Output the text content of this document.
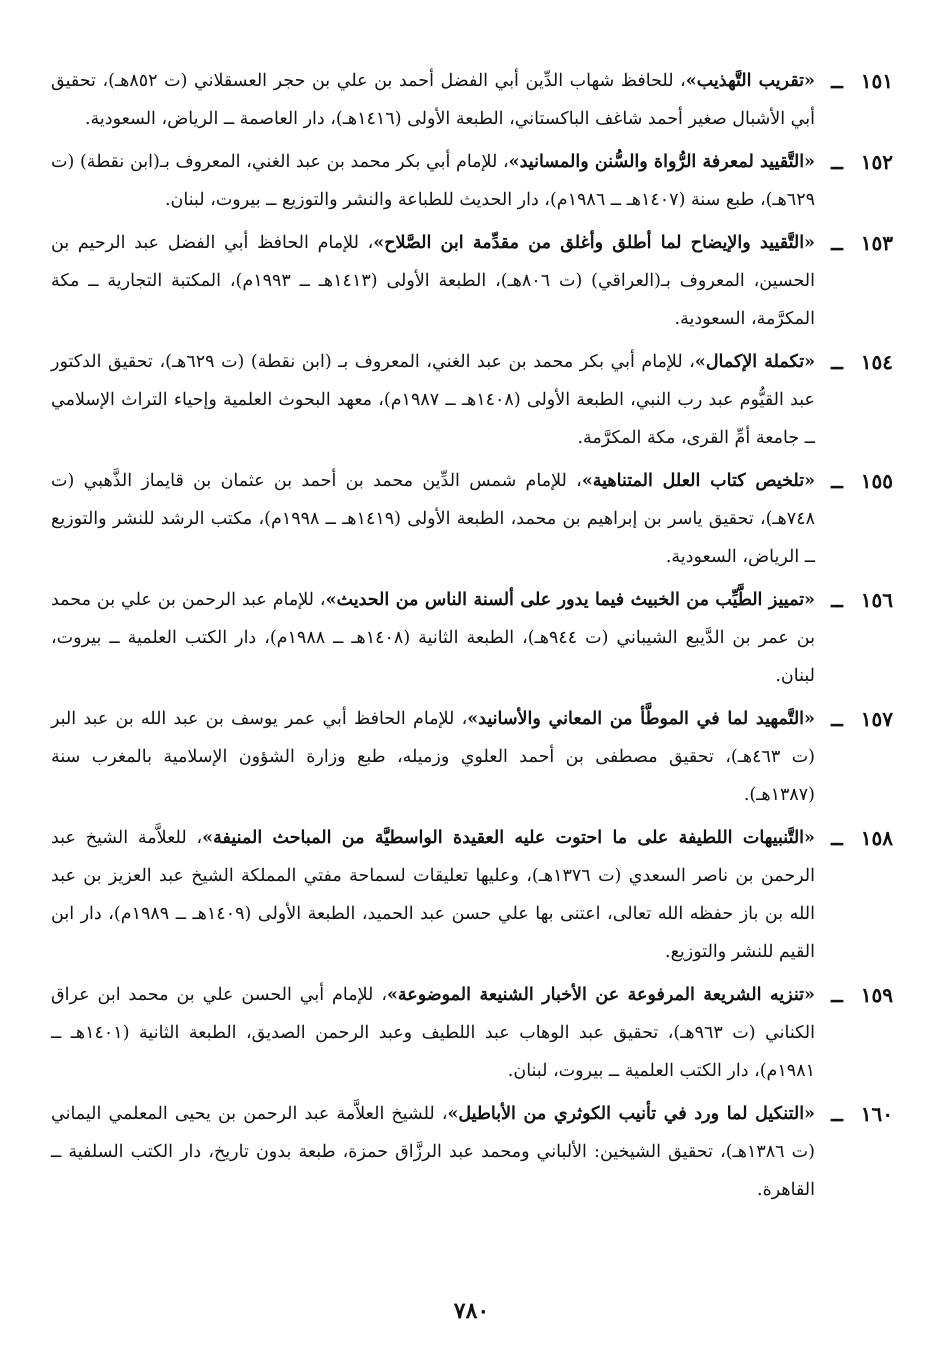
١٥١
ــ
«تقريب التَّهذيب»، للحافظ شهاب الدِّين أبي الفضل أحمد بن علي بن حجر العسقلاني (ت ٨٥٢هـ)، تحقيق أبي الأشبال صغير أحمد شاغف الباكستاني، الطبعة الأولى (١٤١٦هـ)، دار العاصمة ــ الرياض، السعودية.
١٥٢
ــ
«التَّقييد لمعرفة الرُّواة والسُّنن والمسانيد»، للإمام أبي بكر محمد بن عبد الغني، المعروف بـ(ابن نقطة) (ت ٦٢٩هـ)، طبع سنة (١٤٠٧هـ ــ ١٩٨٦م)، دار الحديث للطباعة والنشر والتوزيع ــ بيروت، لبنان.
١٥٣
ــ
«التَّقييد والإيضاح لما أطلق وأغلق من مقدِّمة ابن الصَّلاح»، للإمام الحافظ أبي الفضل عبد الرحيم بن الحسين، المعروف بـ(العراقي) (ت ٨٠٦هـ)، الطبعة الأولى (١٤١٣هـ ــ ١٩٩٣م)، المكتبة التجارية ــ مكة المكرَّمة، السعودية.
١٥٤
ــ
«تكملة الإكمال»، للإمام أبي بكر محمد بن عبد الغني، المعروف بـ (ابن نقطة) (ت ٦٢٩هـ)، تحقيق الدكتور عبد القيُّوم عبد رب النبي، الطبعة الأولى (١٤٠٨هـ ــ ١٩٨٧م)، معهد البحوث العلمية وإحياء التراث الإسلامي ــ جامعة أمِّ القرى، مكة المكرَّمة.
١٥٥
ــ
«تلخيص كتاب العلل المتناهية»، للإمام شمس الدِّين محمد بن أحمد بن عثمان بن قايماز الذَّهبي (ت ٧٤٨هـ)، تحقيق ياسر بن إبراهيم بن محمد، الطبعة الأولى (١٤١٩هـ ــ ١٩٩٨م)، مكتب الرشد للنشر والتوزيع ــ الرياض، السعودية.
١٥٦
ــ
«تمييز الطَّيِّب من الخبيث فيما يدور على ألسنة الناس من الحديث»، للإمام عبد الرحمن بن علي بن محمد بن عمر بن الدَّيبع الشيباني (ت ٩٤٤هـ)، الطبعة الثانية (١٤٠٨هـ ــ ١٩٨٨م)، دار الكتب العلمية ــ بيروت، لبنان.
١٥٧
ــ
«التَّمهيد لما في الموطَّأ من المعاني والأسانيد»، للإمام الحافظ أبي عمر يوسف بن عبد الله بن عبد البر (ت ٤٦٣هـ)، تحقيق مصطفى بن أحمد العلوي وزميله، طبع وزارة الشؤون الإسلامية بالمغرب سنة (١٣٨٧هـ).
١٥٨
ــ
«التَّنبيهات اللطيفة على ما احتوت عليه العقيدة الواسطيَّة من المباحث المنيفة»، للعلاَّمة الشيخ عبد الرحمن بن ناصر السعدي (ت ١٣٧٦هـ)، وعليها تعليقات لسماحة مفتي المملكة الشيخ عبد العزيز بن عبد الله بن باز حفظه الله تعالى، اعتنى بها علي حسن عبد الحميد، الطبعة الأولى (١٤٠٩هـ ــ ١٩٨٩م)، دار ابن القيم للنشر والتوزيع.
١٥٩
ــ
«تنزيه الشريعة المرفوعة عن الأخبار الشنيعة الموضوعة»، للإمام أبي الحسن علي بن محمد ابن عراق الكناني (ت ٩٦٣هـ)، تحقيق عبد الوهاب عبد اللطيف وعبد الرحمن الصديق، الطبعة الثانية (١٤٠١هـ ــ ١٩٨١م)، دار الكتب العلمية ــ بيروت، لبنان.
١٦٠
ــ
«التنكيل لما ورد في تأنيب الكوثري من الأباطيل»، للشيخ العلاَّمة عبد الرحمن بن يحيى المعلمي اليماني (ت ١٣٨٦هـ)، تحقيق الشيخين: الألباني ومحمد عبد الرزَّاق حمزة، طبعة بدون تاريخ، دار الكتب السلفية ــ القاهرة.
٧٨٠
